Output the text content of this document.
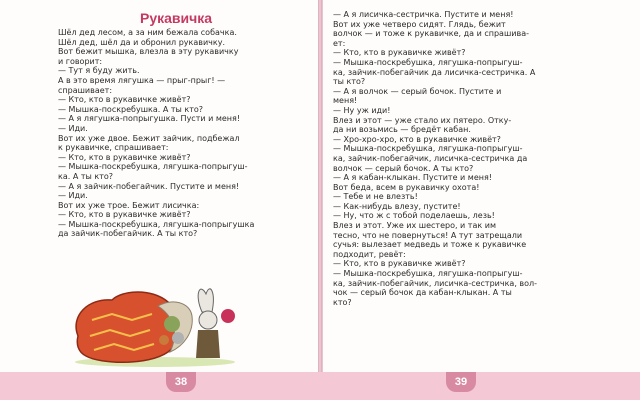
Рукавичка
Шёл дед лесом, а за ним бежала собачка.
Шёл дед, шёл да и обронил рукавичку.
Вот бежит мышка, влезла в эту рукавичку
и говорит:
— Тут я буду жить.
А в это время лягушка — прыг-прыг! —
спрашивает:
— Кто, кто в рукавичке живёт?
— Мышка-поскребушка. А ты кто?
— А я лягушка-попрыгушка. Пусти и меня!
— Иди.
Вот их уже двое. Бежит зайчик, подбежал
к рукавичке, спрашивает:
— Кто, кто в рукавичке живёт?
— Мышка-поскребушка, лягушка-попрыгуш-
ка. А ты кто?
— А я зайчик-побегайчик. Пустите и меня!
— Иди.
Вот их уже трое. Бежит лисичка:
— Кто, кто в рукавичке живёт?
— Мышка-поскребушка, лягушка-попрыгушка
да зайчик-побегайчик. А ты кто?
— А я лисичка-сестричка. Пустите и меня!
Вот их уже четверо сидят. Глядь, бежит
волчок — и тоже к рукавичке, да и спрашива-
ет:
— Кто, кто в рукавичке живёт?
— Мышка-поскребушка, лягушка-попрыгуш-
ка, зайчик-побегайчик да лисичка-сестричка. А
ты кто?
— А я волчок — серый бочок. Пустите и
меня!
— Ну уж иди!
Влез и этот — уже стало их пятеро. Отку-
да ни возьмись — бредёт кабан.
— Хро-хро-хро, кто в рукавичке живёт?
— Мышка-поскребушка, лягушка-попрыгуш-
ка, зайчик-побегайчик, лисичка-сестричка да
волчок — серый бочок. А ты кто?
— А я кабан-клыкан. Пустите и меня!
Вот беда, всем в рукавичку охота!
— Тебе и не влезть!
— Как-нибудь влезу, пустите!
— Ну, что ж с тобой поделаешь, лезь!
Влез и этот. Уже их шестеро, и так им
тесно, что не повернуться! А тут затрещали
сучья: вылезает медведь и тоже к рукавичке
подходит, ревёт:
— Кто, кто в рукавичке живёт?
— Мышка-поскребушка, лягушка-попрыгуш-
ка, зайчик-побегайчик, лисичка-сестричка, вол-
чок — серый бочок да кабан-клыкан. А ты
кто?
38	39
